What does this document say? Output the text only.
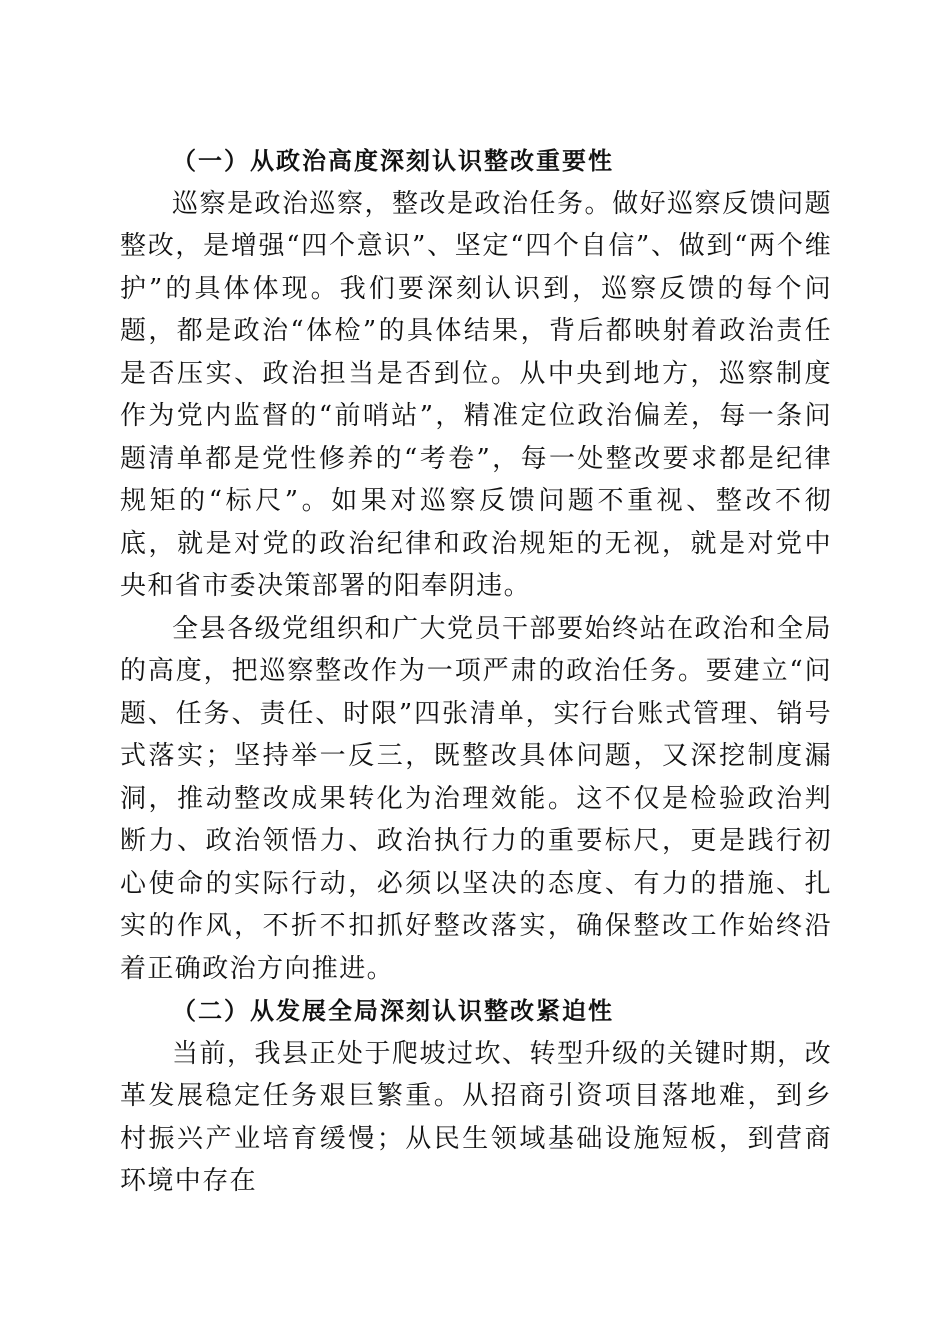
（一）从政治高度深刻认识整改重要性

巡察是政治巡察，整改是政治任务。做好巡察反馈问题整改，是增强“四个意识”、坚定“四个自信”、做到“两个维护”的具体体现。我们要深刻认识到，巡察反馈的每个问题，都是政治“体检”的具体结果，背后都映射着政治责任是否压实、政治担当是否到位。从中央到地方，巡察制度作为党内监督的“前哨站”，精准定位政治偏差，每一条问题清单都是党性修养的“考卷”，每一处整改要求都是纪律规矩的“标尺”。如果对巡察反馈问题不重视、整改不彻底，就是对党的政治纪律和政治规矩的无视，就是对党中央和省市委决策部署的阳奉阴违。

全县各级党组织和广大党员干部要始终站在政治和全局的高度，把巡察整改作为一项严肃的政治任务。要建立“问题、任务、责任、时限”四张清单，实行台账式管理、销号式落实；坚持举一反三，既整改具体问题，又深挖制度漏洞，推动整改成果转化为治理效能。这不仅是检验政治判断力、政治领悟力、政治执行力的重要标尺，更是践行初心使命的实际行动，必须以坚决的态度、有力的措施、扎实的作风，不折不扣抓好整改落实，确保整改工作始终沿着正确政治方向推进。

（二）从发展全局深刻认识整改紧迫性

当前，我县正处于爬坡过坎、转型升级的关键时期，改革发展稳定任务艰巨繁重。从招商引资项目落地难，到乡村振兴产业培育缓慢；从民生领域基础设施短板，到营商环境中存在
